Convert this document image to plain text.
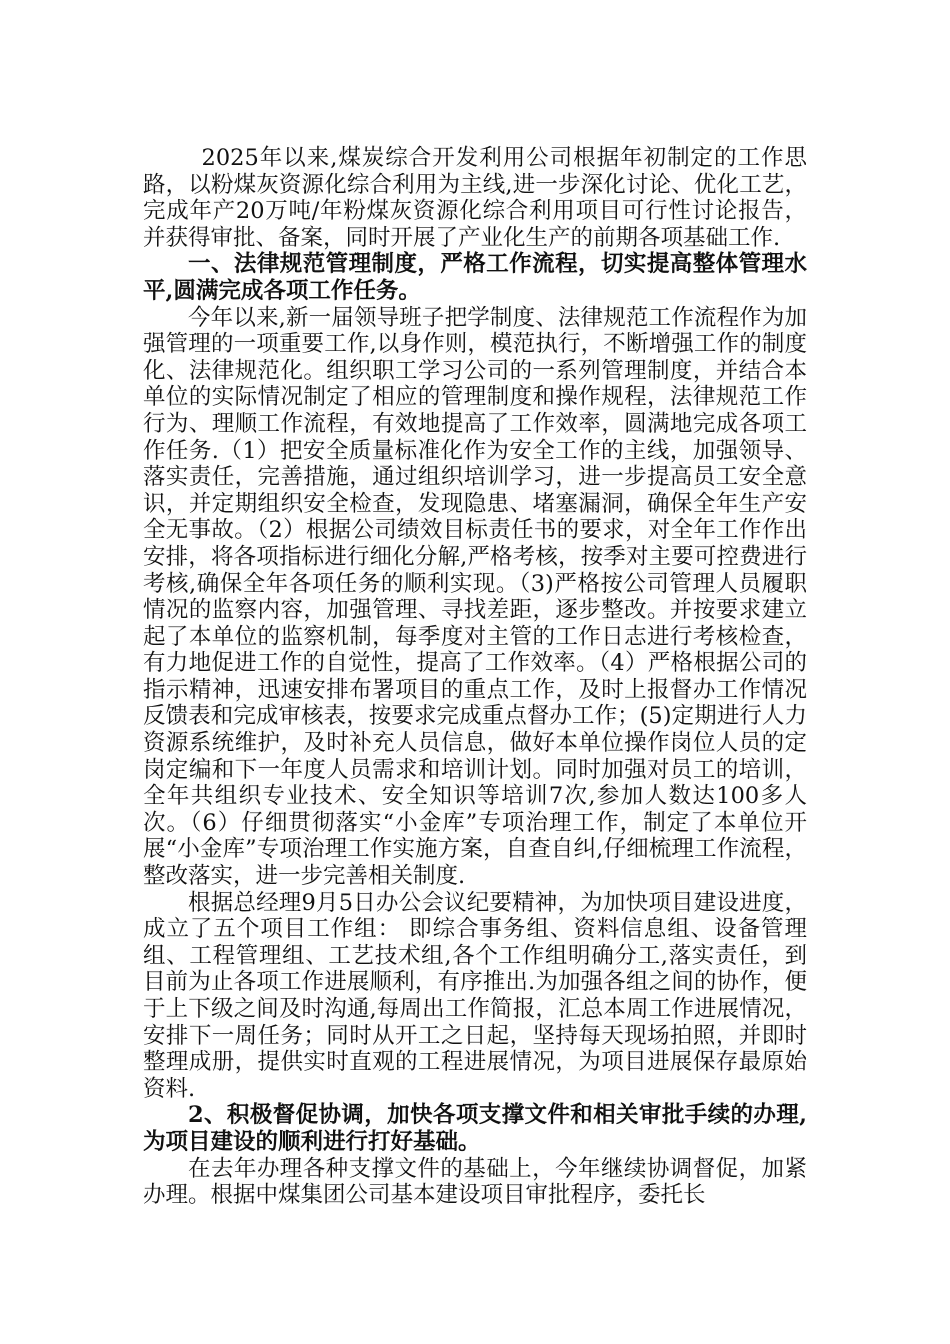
2025年以来,煤炭综合开发利用公司根据年初制定的工作思路，以粉煤灰资源化综合利用为主线,进一步深化讨论、优化工艺，完成年产20万吨/年粉煤灰资源化综合利用项目可行性讨论报告，并获得审批、备案，同时开展了产业化生产的前期各项基础工作.

一、法律规范管理制度，严格工作流程，切实提高整体管理水平,圆满完成各项工作任务。

今年以来,新一届领导班子把学制度、法律规范工作流程作为加强管理的一项重要工作,以身作则，模范执行，不断增强工作的制度化、法律规范化。组织职工学习公司的一系列管理制度，并结合本单位的实际情况制定了相应的管理制度和操作规程，法律规范工作行为、理顺工作流程，有效地提高了工作效率，圆满地完成各项工作任务.（1）把安全质量标准化作为安全工作的主线，加强领导、落实责任，完善措施，通过组织培训学习，进一步提高员工安全意识，并定期组织安全检查，发现隐患、堵塞漏洞，确保全年生产安全无事故。（2）根据公司绩效目标责任书的要求，对全年工作作出安排，将各项指标进行细化分解,严格考核，按季对主要可控费进行考核,确保全年各项任务的顺利实现。（3)严格按公司管理人员履职情况的监察内容，加强管理、寻找差距，逐步整改。并按要求建立起了本单位的监察机制，每季度对主管的工作日志进行考核检查，有力地促进工作的自觉性，提高了工作效率。（4）严格根据公司的指示精神，迅速安排布署项目的重点工作，及时上报督办工作情况反馈表和完成审核表，按要求完成重点督办工作；(5)定期进行人力资源系统维护，及时补充人员信息，做好本单位操作岗位人员的定岗定编和下一年度人员需求和培训计划。同时加强对员工的培训，全年共组织专业技术、安全知识等培训7次,参加人数达100多人次。（6）仔细贯彻落实“小金库”专项治理工作，制定了本单位开展“小金库”专项治理工作实施方案，自查自纠,仔细梳理工作流程，整改落实，进一步完善相关制度.

根据总经理9月5日办公会议纪要精神，为加快项目建设进度，成立了五个项目工作组： 即综合事务组、资料信息组、设备管理组、工程管理组、工艺技术组,各个工作组明确分工,落实责任，到目前为止各项工作进展顺利，有序推出.为加强各组之间的协作，便于上下级之间及时沟通,每周出工作简报，汇总本周工作进展情况，安排下一周任务；同时从开工之日起，坚持每天现场拍照，并即时整理成册，提供实时直观的工程进展情况，为项目进展保存最原始资料.

2、积极督促协调，加快各项支撑文件和相关审批手续的办理,为项目建设的顺利进行打好基础。

在去年办理各种支撑文件的基础上，今年继续协调督促，加紧办理。根据中煤集团公司基本建设项目审批程序，委托长
